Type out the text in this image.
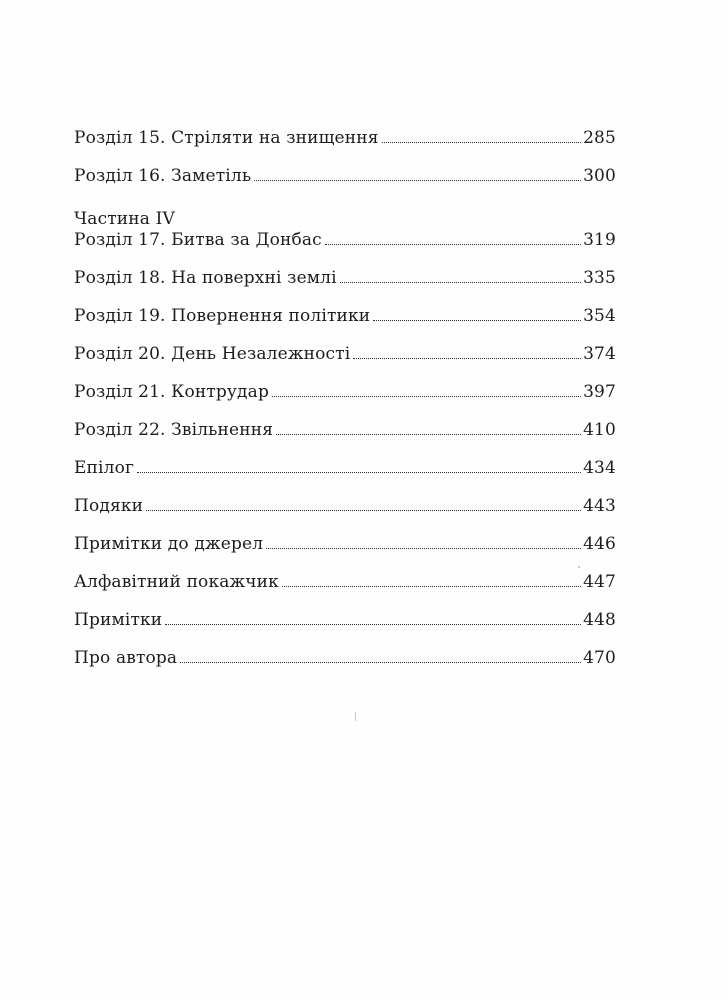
Розділ 15. Стріляти на знищення	285
Розділ 16. Заметіль	300
Частина IV
Розділ 17. Битва за Донбас	319
Розділ 18. На поверхні землі	335
Розділ 19. Повернення політики	354
Розділ 20. День Незалежності	374
Розділ 21. Контрудар	397
Розділ 22. Звільнення	410
Епілог	434
Подяки	443
Примітки до джерел	446
Алфавітний покажчик	447
Примітки	448
Про автора	470
